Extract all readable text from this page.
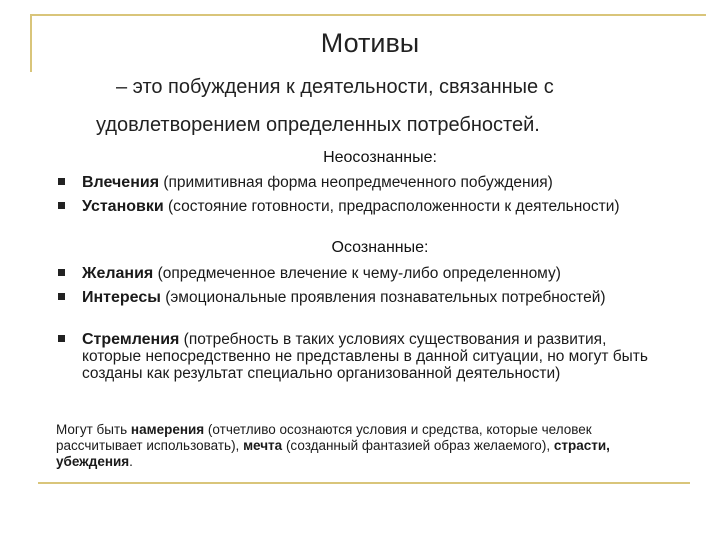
Мотивы
– это побуждения к деятельности, связанные с
удовлетворением определенных потребностей.
Неосознанные:
Влечения (примитивная форма неопредмеченного побуждения)
Установки (состояние готовности, предрасположенности к деятельности)
Осознанные:
Желания (опредмеченное влечение к чему-либо определенному)
Интересы (эмоциональные проявления познавательных потребностей)
Стремления (потребность в таких условиях существования и развития, которые непосредственно не представлены в данной ситуации, но могут быть созданы как результат специально организованной деятельности)
Могут быть намерения (отчетливо осознаются условия и средства, которые человек рассчитывает использовать), мечта (созданный фантазией образ желаемого), страсти, убеждения.
